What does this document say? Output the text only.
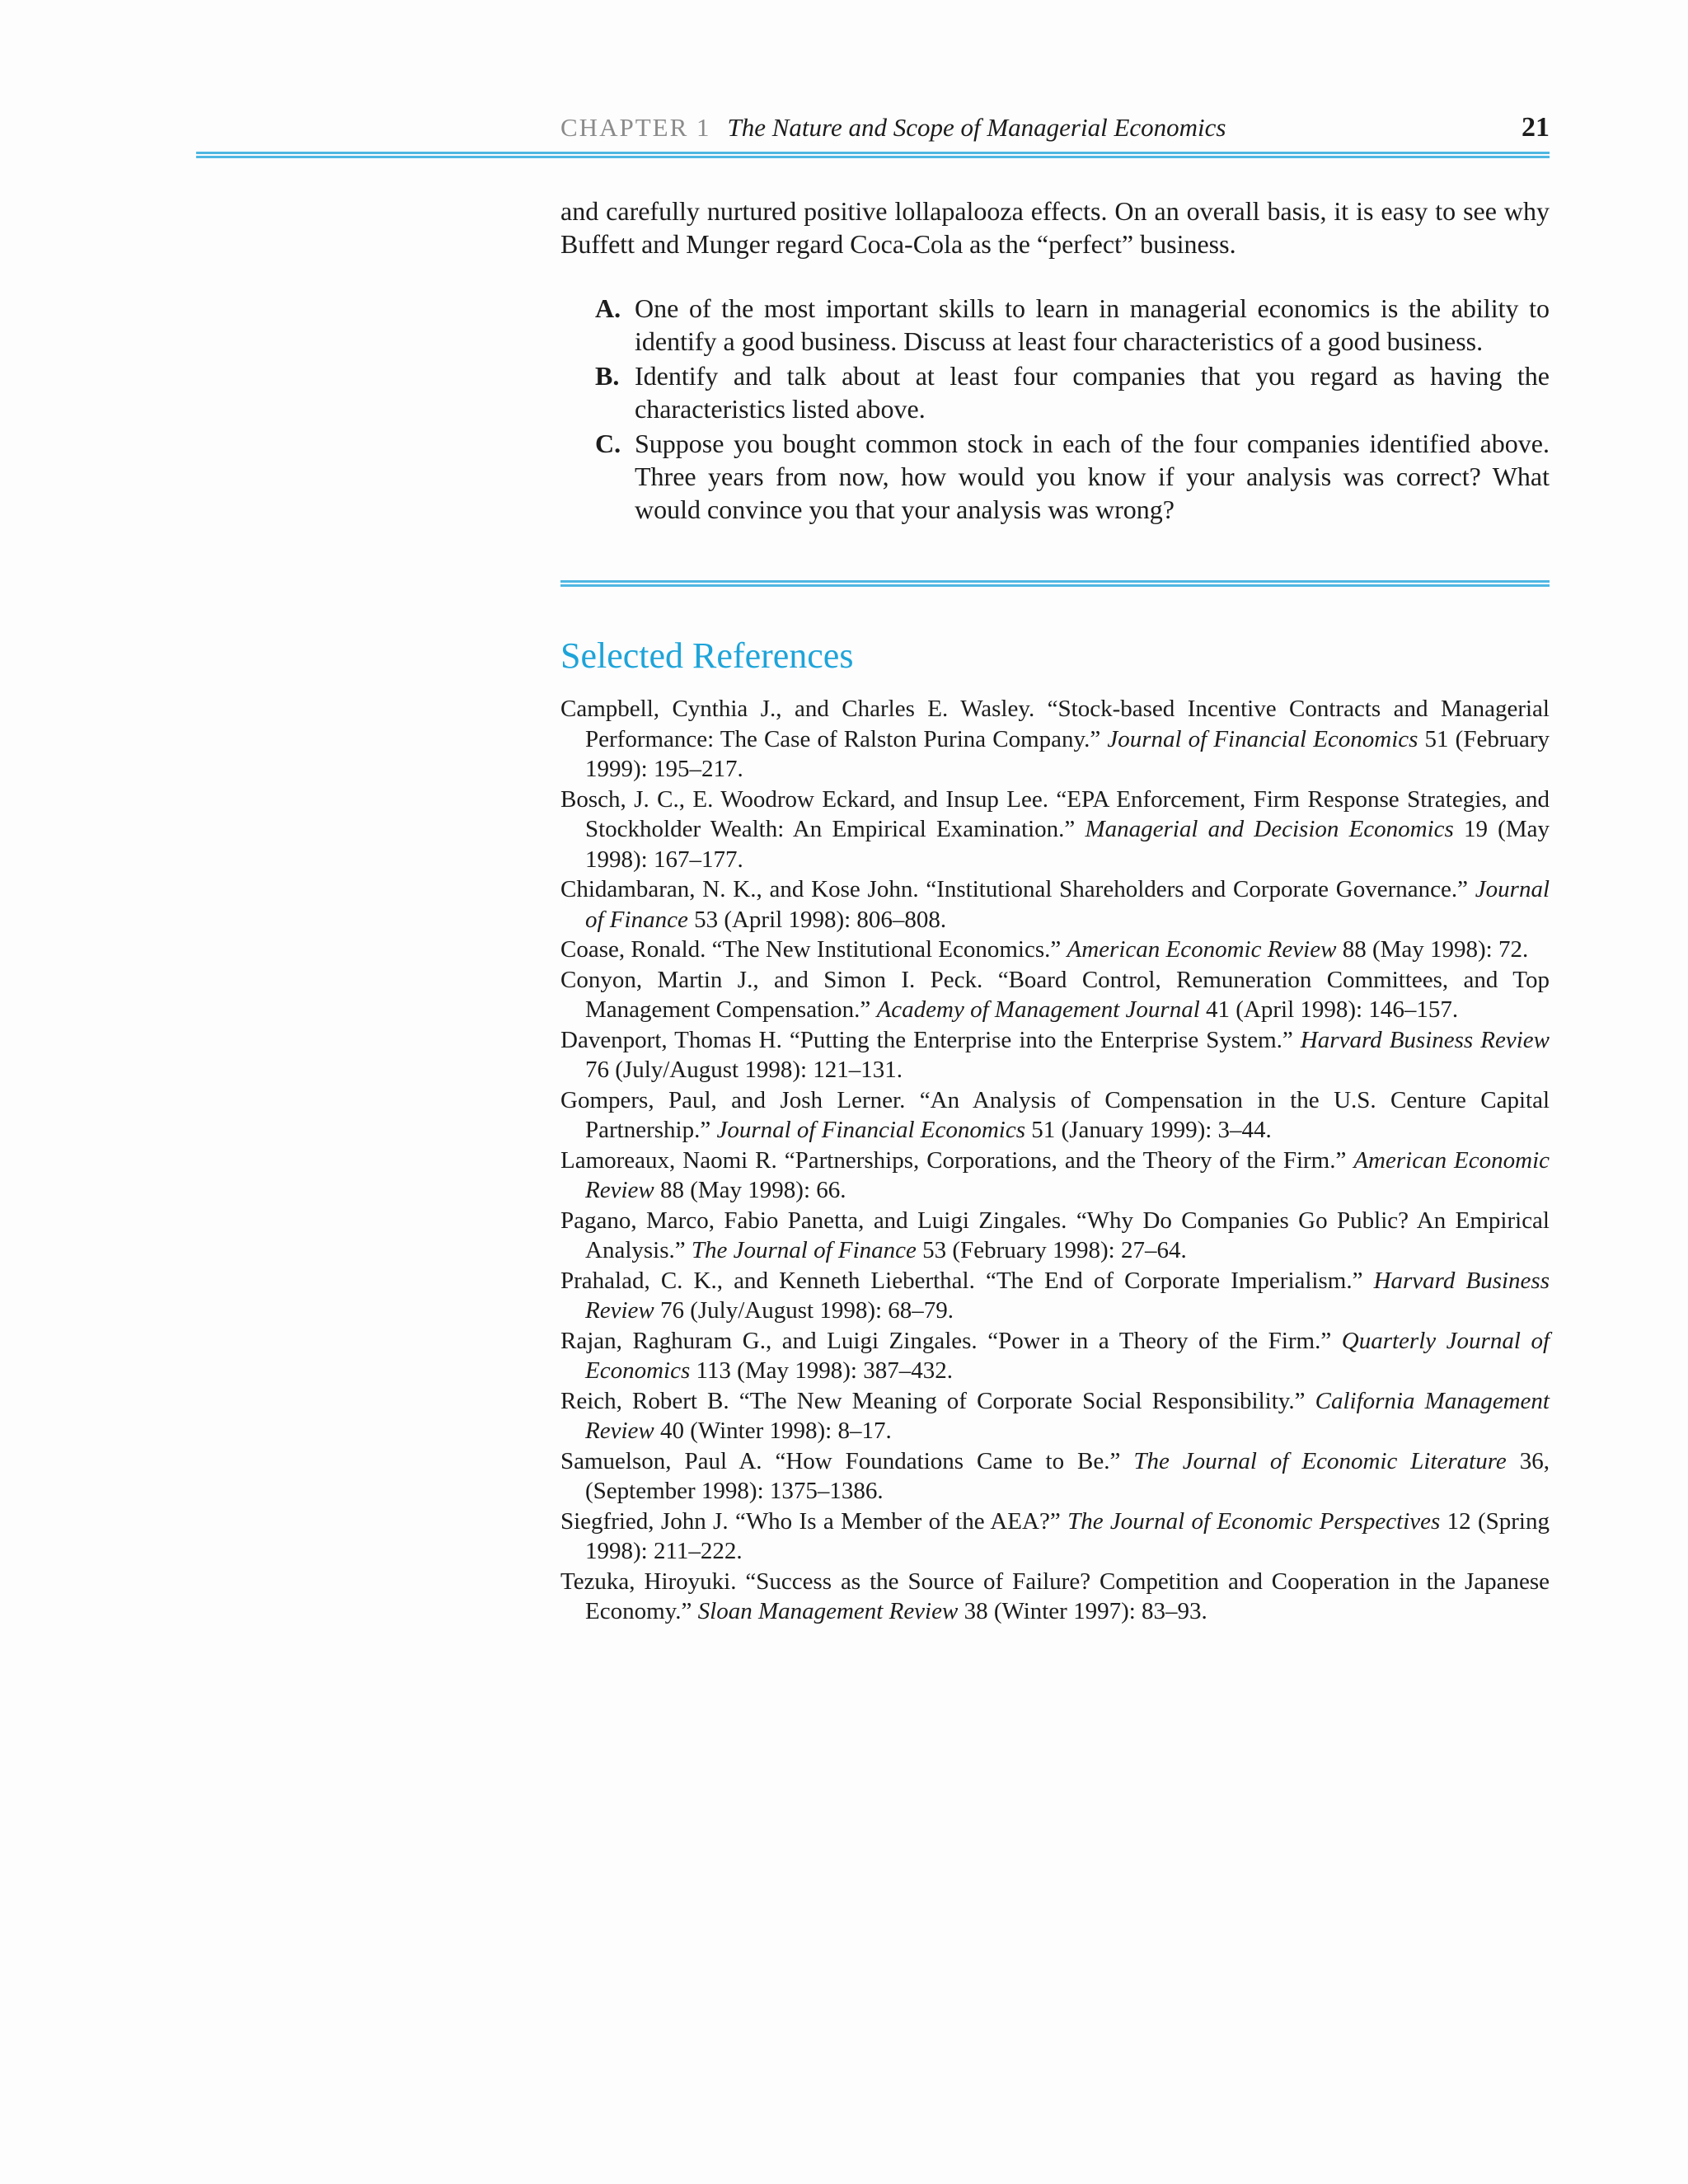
CHAPTER 1 The Nature and Scope of Managerial Economics	21

and carefully nurtured positive lollapalooza effects. On an overall basis, it is easy to see why Buffett and Munger regard Coca-Cola as the “perfect” business.

A. One of the most important skills to learn in managerial economics is the ability to identify a good business. Discuss at least four characteristics of a good business.
B. Identify and talk about at least four companies that you regard as having the characteristics listed above.
C. Suppose you bought common stock in each of the four companies identified above. Three years from now, how would you know if your analysis was correct? What would convince you that your analysis was wrong?
Selected References
Campbell, Cynthia J., and Charles E. Wasley. “Stock-based Incentive Contracts and Managerial Performance: The Case of Ralston Purina Company.” Journal of Financial Economics 51 (February 1999): 195–217.
Bosch, J. C., E. Woodrow Eckard, and Insup Lee. “EPA Enforcement, Firm Response Strategies, and Stockholder Wealth: An Empirical Examination.” Managerial and Decision Economics 19 (May 1998): 167–177.
Chidambaran, N. K., and Kose John. “Institutional Shareholders and Corporate Governance.” Journal of Finance 53 (April 1998): 806–808.
Coase, Ronald. “The New Institutional Economics.” American Economic Review 88 (May 1998): 72.
Conyon, Martin J., and Simon I. Peck. “Board Control, Remuneration Committees, and Top Management Compensation.” Academy of Management Journal 41 (April 1998): 146–157.
Davenport, Thomas H. “Putting the Enterprise into the Enterprise System.” Harvard Business Review 76 (July/August 1998): 121–131.
Gompers, Paul, and Josh Lerner. “An Analysis of Compensation in the U.S. Centure Capital Partnership.” Journal of Financial Economics 51 (January 1999): 3–44.
Lamoreaux, Naomi R. “Partnerships, Corporations, and the Theory of the Firm.” American Economic Review 88 (May 1998): 66.
Pagano, Marco, Fabio Panetta, and Luigi Zingales. “Why Do Companies Go Public? An Empirical Analysis.” The Journal of Finance 53 (February 1998): 27–64.
Prahalad, C. K., and Kenneth Lieberthal. “The End of Corporate Imperialism.” Harvard Business Review 76 (July/August 1998): 68–79.
Rajan, Raghuram G., and Luigi Zingales. “Power in a Theory of the Firm.” Quarterly Journal of Economics 113 (May 1998): 387–432.
Reich, Robert B. “The New Meaning of Corporate Social Responsibility.” California Management Review 40 (Winter 1998): 8–17.
Samuelson, Paul A. “How Foundations Came to Be.” The Journal of Economic Literature 36, (September 1998): 1375–1386.
Siegfried, John J. “Who Is a Member of the AEA?” The Journal of Economic Perspectives 12 (Spring 1998): 211–222.
Tezuka, Hiroyuki. “Success as the Source of Failure? Competition and Cooperation in the Japanese Economy.” Sloan Management Review 38 (Winter 1997): 83–93.
